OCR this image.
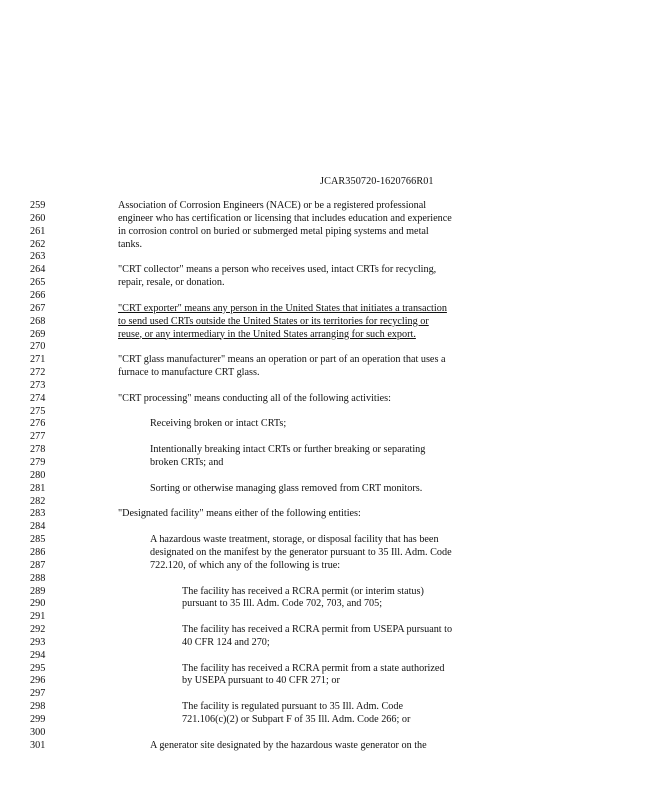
JCAR350720-1620766R01
259	Association of Corrosion Engineers (NACE) or be a registered professional
260	engineer who has certification or licensing that includes education and experience
261	in corrosion control on buried or submerged metal piping systems and metal
262	tanks.
263
264	"CRT collector" means a person who receives used, intact CRTs for recycling,
265	repair, resale, or donation.
266
267	"CRT exporter" means any person in the United States that initiates a transaction
268	to send used CRTs outside the United States or its territories for recycling or
269	reuse, or any intermediary in the United States arranging for such export.
270
271	"CRT glass manufacturer" means an operation or part of an operation that uses a
272	furnace to manufacture CRT glass.
273
274	"CRT processing" means conducting all of the following activities:
275
276	Receiving broken or intact CRTs;
277
278	Intentionally breaking intact CRTs or further breaking or separating
279	broken CRTs; and
280
281	Sorting or otherwise managing glass removed from CRT monitors.
282
283	"Designated facility" means either of the following entities:
284
285	A hazardous waste treatment, storage, or disposal facility that has been
286	designated on the manifest by the generator pursuant to 35 Ill. Adm. Code
287	722.120, of which any of the following is true:
288
289	The facility has received a RCRA permit (or interim status)
290	pursuant to 35 Ill. Adm. Code 702, 703, and 705;
291
292	The facility has received a RCRA permit from USEPA pursuant to
293	40 CFR 124 and 270;
294
295	The facility has received a RCRA permit from a state authorized
296	by USEPA pursuant to 40 CFR 271; or
297
298	The facility is regulated pursuant to 35 Ill. Adm. Code
299	721.106(c)(2) or Subpart F of 35 Ill. Adm. Code 266; or
300
301	A generator site designated by the hazardous waste generator on the
